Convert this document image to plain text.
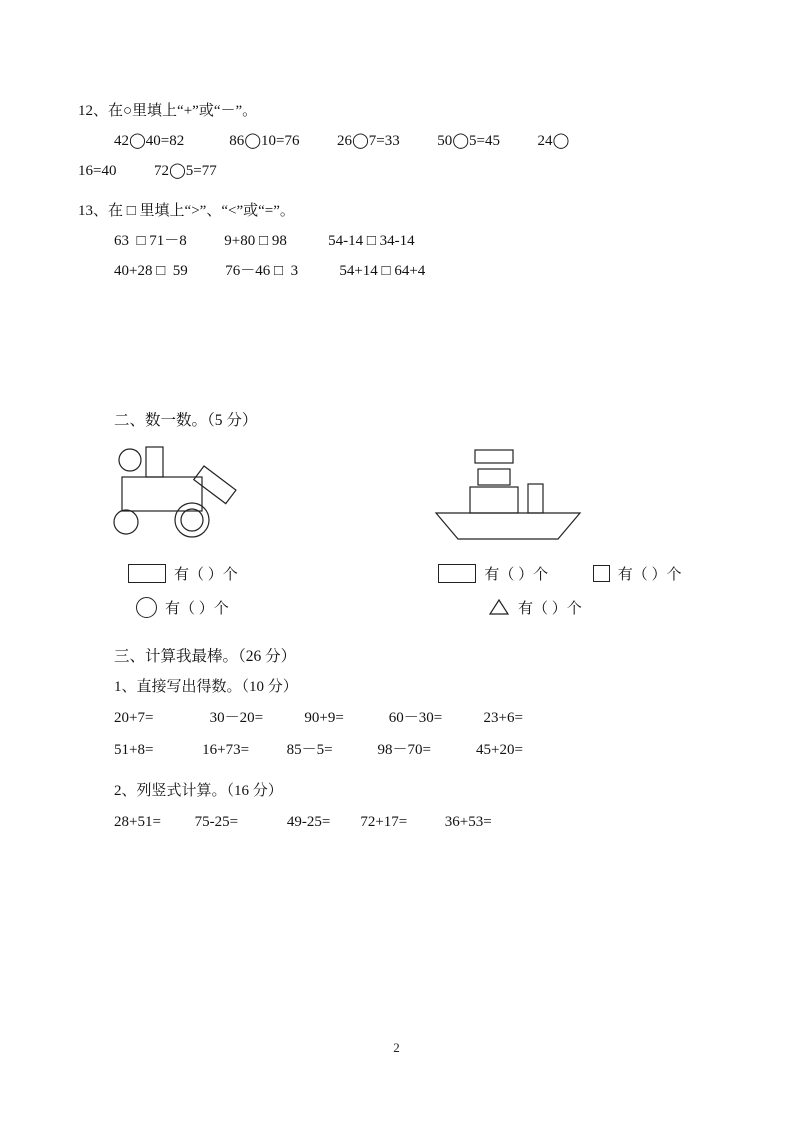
12、在○里填上“+”或“－”。
42◯40=82            86◯10=76          26◯7=33          50◯5=45          24◯
16=40          72◯5=77
13、在 □ 里填上“>”、“<”或“=”。
63  □ 71－8          9+80 □ 98           54-14 □ 34-14
40+28 □  59          76－46 □  3           54+14 □ 64+4
二、数一数。（5 分）
有（ ）个	有（ ）个	有（ ）个
有（ ）个	有（ ）个
三、计算我最棒。（26 分）
1、直接写出得数。（10 分）
20+7=               30－20=           90+9=            60－30=           23+6=
51+8=             16+73=          85－5=            98－70=            45+20=
2、列竖式计算。（16 分）
28+51=         75-25=             49-25=        72+17=          36+53=
2
